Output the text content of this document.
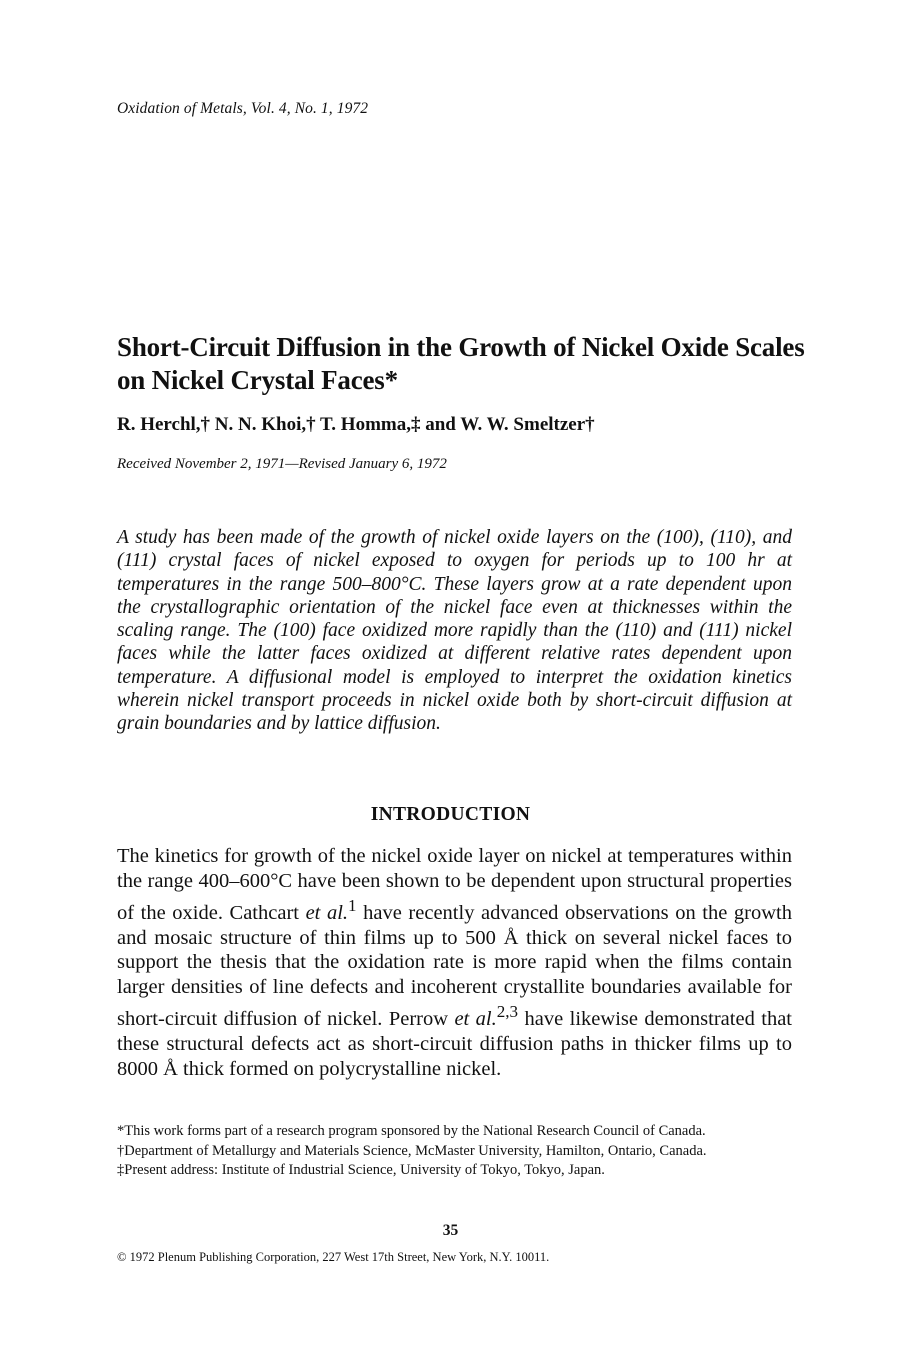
Oxidation of Metals, Vol. 4, No. 1, 1972
Short-Circuit Diffusion in the Growth of Nickel Oxide Scales on Nickel Crystal Faces*
R. Herchl,† N. N. Khoi,† T. Homma,‡ and W. W. Smeltzer†
Received November 2, 1971—Revised January 6, 1972

A study has been made of the growth of nickel oxide layers on the (100), (110), and (111) crystal faces of nickel exposed to oxygen for periods up to 100 hr at temperatures in the range 500–800°C. These layers grow at a rate dependent upon the crystallographic orientation of the nickel face even at thicknesses within the scaling range. The (100) face oxidized more rapidly than the (110) and (111) nickel faces while the latter faces oxidized at different relative rates dependent upon temperature. A diffusional model is employed to interpret the oxidation kinetics wherein nickel transport proceeds in nickel oxide both by short-circuit diffusion at grain boundaries and by lattice diffusion.

INTRODUCTION

The kinetics for growth of the nickel oxide layer on nickel at temperatures within the range 400–600°C have been shown to be dependent upon structural properties of the oxide. Cathcart et al.$^1$ have recently advanced observations on the growth and mosaic structure of thin films up to 500 Å thick on several nickel faces to support the thesis that the oxidation rate is more rapid when the films contain larger densities of line defects and incoherent crystallite boundaries available for short-circuit diffusion of nickel. Perrow et al.$^{2,3}$ have likewise demonstrated that these structural defects act as short-circuit diffusion paths in thicker films up to 8000 Å thick formed on polycrystalline nickel.

*This work forms part of a research program sponsored by the National Research Council of Canada.

†Department of Metallurgy and Materials Science, McMaster University, Hamilton, Ontario, Canada.

‡Present address: Institute of Industrial Science, University of Tokyo, Tokyo, Japan.

35
© 1972 Plenum Publishing Corporation, 227 West 17th Street, New York, N.Y. 10011.
